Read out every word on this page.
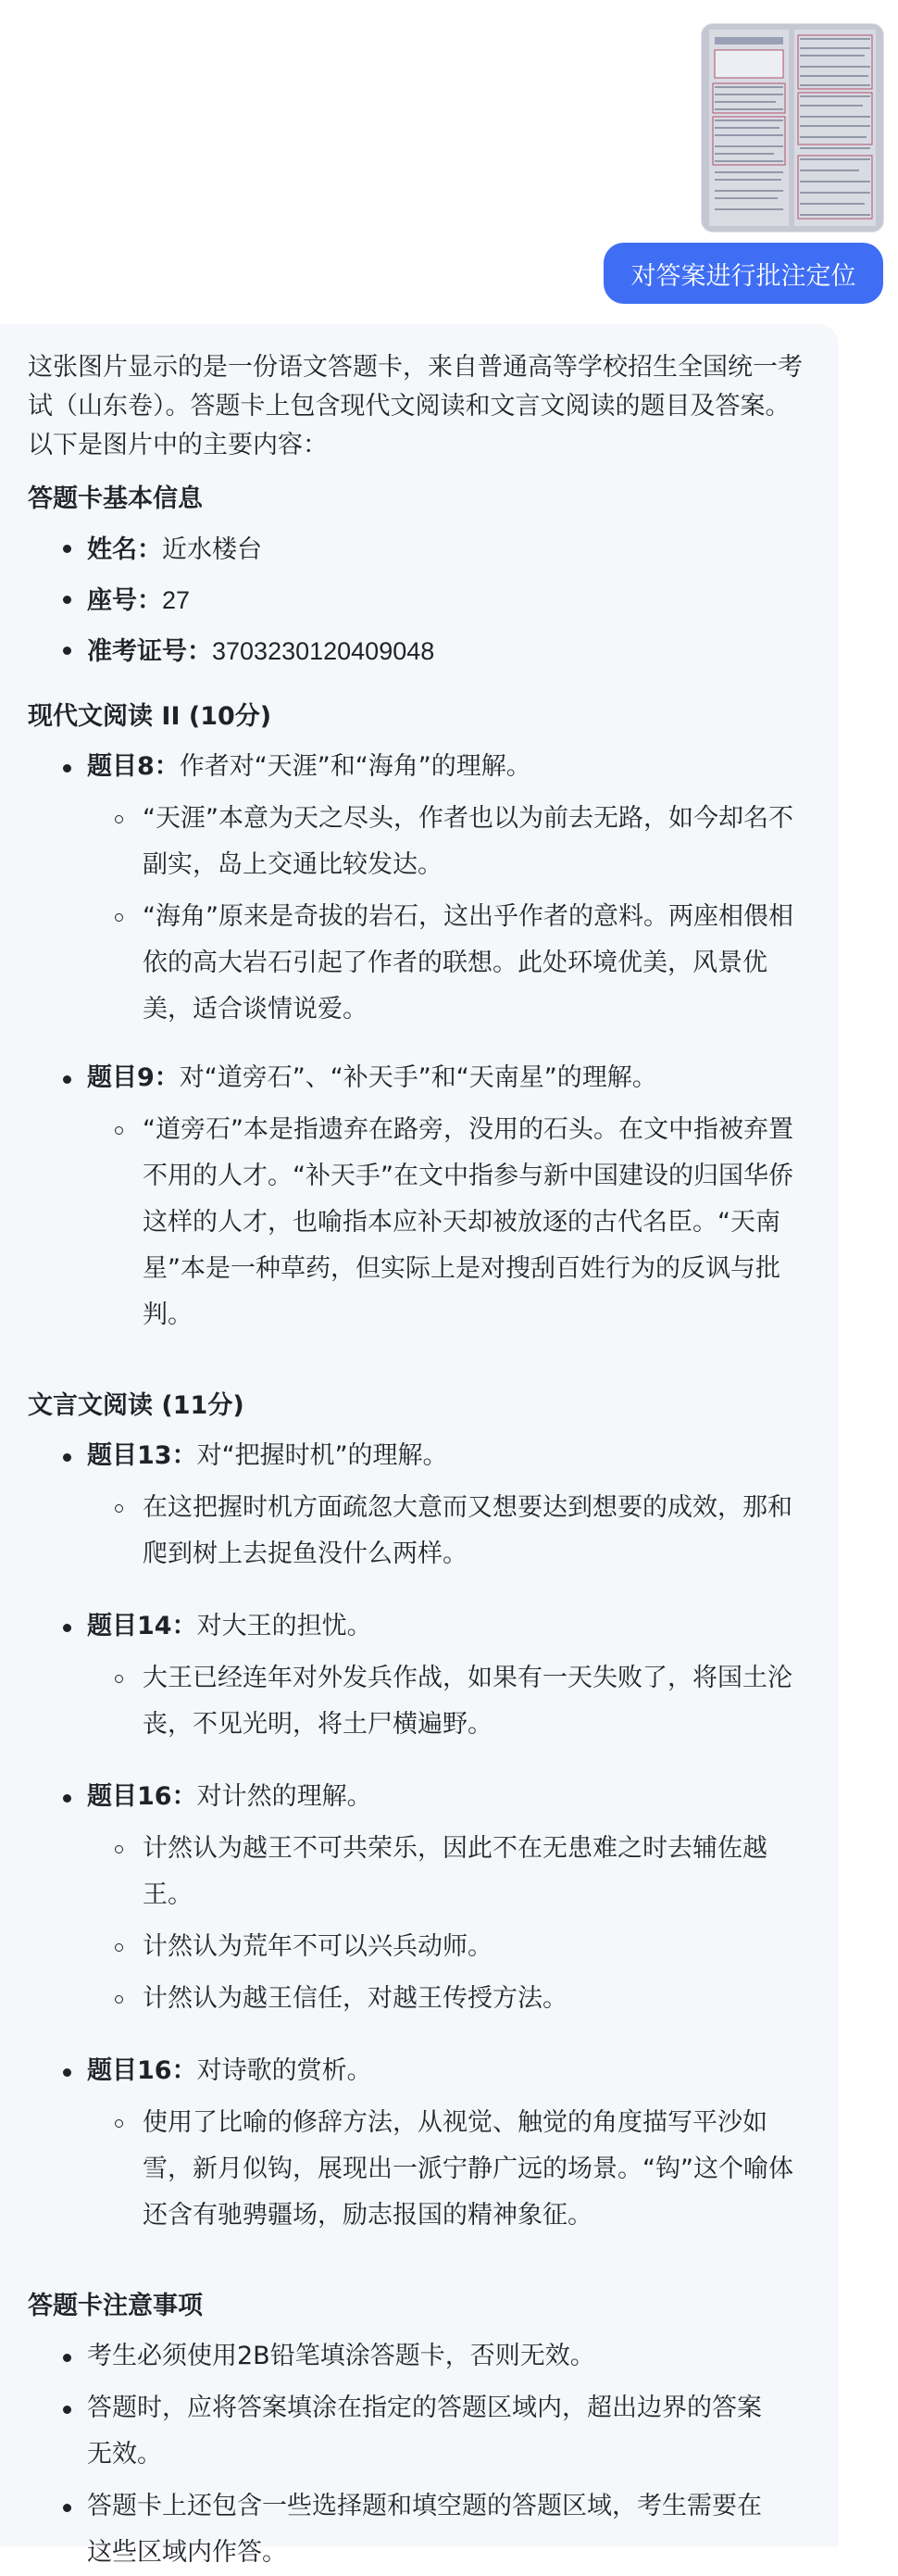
对答案进行批注定位

这张图片显示的是一份语文答题卡，来自普通高等学校招生全国统一考试（山东卷）。答题卡上包含现代文阅读和文言文阅读的题目及答案。以下是图片中的主要内容：

答题卡基本信息
姓名：近水楼台
座号：27
准考证号：3703230120409048
现代文阅读 II (10分)
题目8：作者对“天涯”和“海角”的理解。
“天涯”本意为天之尽头，作者也以为前去无路，如今却名不副实，岛上交通比较发达。
“海角”原来是奇拔的岩石，这出乎作者的意料。两座相偎相依的高大岩石引起了作者的联想。此处环境优美，风景优美，适合谈情说爱。
题目9：对“道旁石”、“补天手”和“天南星”的理解。
“道旁石”本是指遗弃在路旁，没用的石头。在文中指被弃置不用的人才。“补天手”在文中指参与新中国建设的归国华侨这样的人才，也喻指本应补天却被放逐的古代名臣。“天南星”本是一种草药，但实际上是对搜刮百姓行为的反讽与批判。
文言文阅读 (11分)
题目13：对“把握时机”的理解。
在这把握时机方面疏忽大意而又想要达到想要的成效，那和爬到树上去捉鱼没什么两样。
题目14：对大王的担忧。
大王已经连年对外发兵作战，如果有一天失败了，将国土沦丧，不见光明，将土尸横遍野。
题目16：对计然的理解。
计然认为越王不可共荣乐，因此不在无患难之时去辅佐越王。
计然认为荒年不可以兴兵动师。
计然认为越王信任，对越王传授方法。
题目16：对诗歌的赏析。
使用了比喻的修辞方法，从视觉、触觉的角度描写平沙如雪，新月似钩，展现出一派宁静广远的场景。“钩”这个喻体还含有驰骋疆场，励志报国的精神象征。
答题卡注意事项
考生必须使用2B铅笔填涂答题卡，否则无效。
答题时，应将答案填涂在指定的答题区域内，超出边界的答案无效。
答题卡上还包含一些选择题和填空题的答题区域，考生需要在这些区域内作答。
